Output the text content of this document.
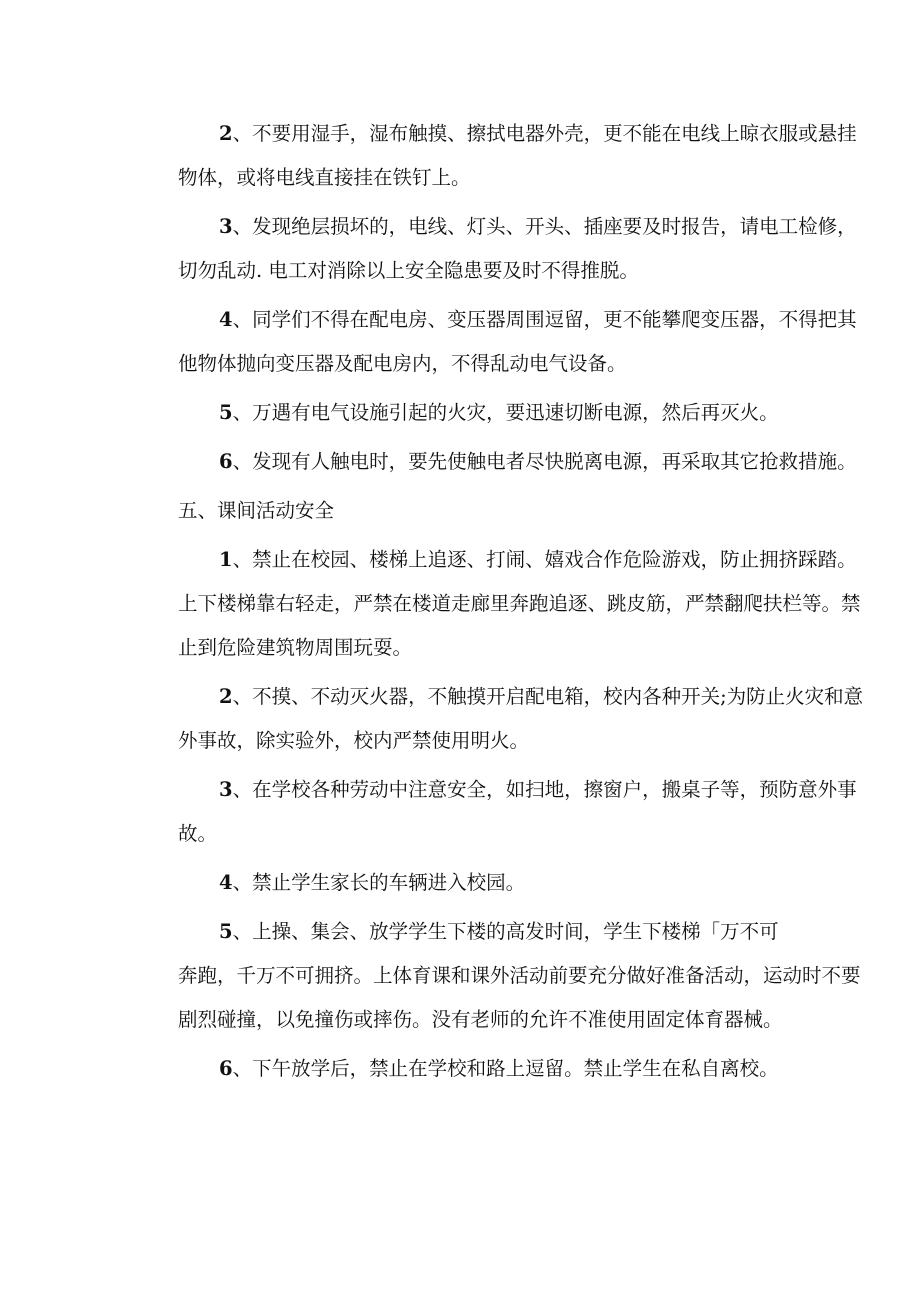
2、不要用湿手，湿布触摸、擦拭电器外壳，更不能在电线上晾衣服或悬挂
物体，或将电线直接挂在铁钉上。
3、发现绝层损坏的，电线、灯头、开头、插座要及时报告，请电工检修，
切勿乱动. 电工对消除以上安全隐患要及时不得推脱。
4、同学们不得在配电房、变压器周围逗留，更不能攀爬变压器，不得把其
他物体抛向变压器及配电房内，不得乱动电气设备。
5、万遇有电气设施引起的火灾，要迅速切断电源，然后再灭火。
6、发现有人触电时，要先使触电者尽快脱离电源，再采取其它抢救措施。
五、课间活动安全
1、禁止在校园、楼梯上追逐、打闹、嬉戏合作危险游戏，防止拥挤踩踏。
上下楼梯靠右轻走，严禁在楼道走廊里奔跑追逐、跳皮筋，严禁翻爬扶栏等。禁
止到危险建筑物周围玩耍。
2、不摸、不动灭火器，不触摸开启配电箱，校内各种开关;为防止火灾和意
外事故，除实验外，校内严禁使用明火。
3、在学校各种劳动中注意安全，如扫地，擦窗户，搬桌子等，预防意外事
故。
4、禁止学生家长的车辆进入校园。
5、上操、集会、放学学生下楼的高发时间，学生下楼梯「万不可
奔跑，千万不可拥挤。上体育课和课外活动前要充分做好准备活动，运动时不要
剧烈碰撞，以免撞伤或摔伤。没有老师的允许不准使用固定体育器械。
6、下午放学后，禁止在学校和路上逗留。禁止学生在私自离校。
